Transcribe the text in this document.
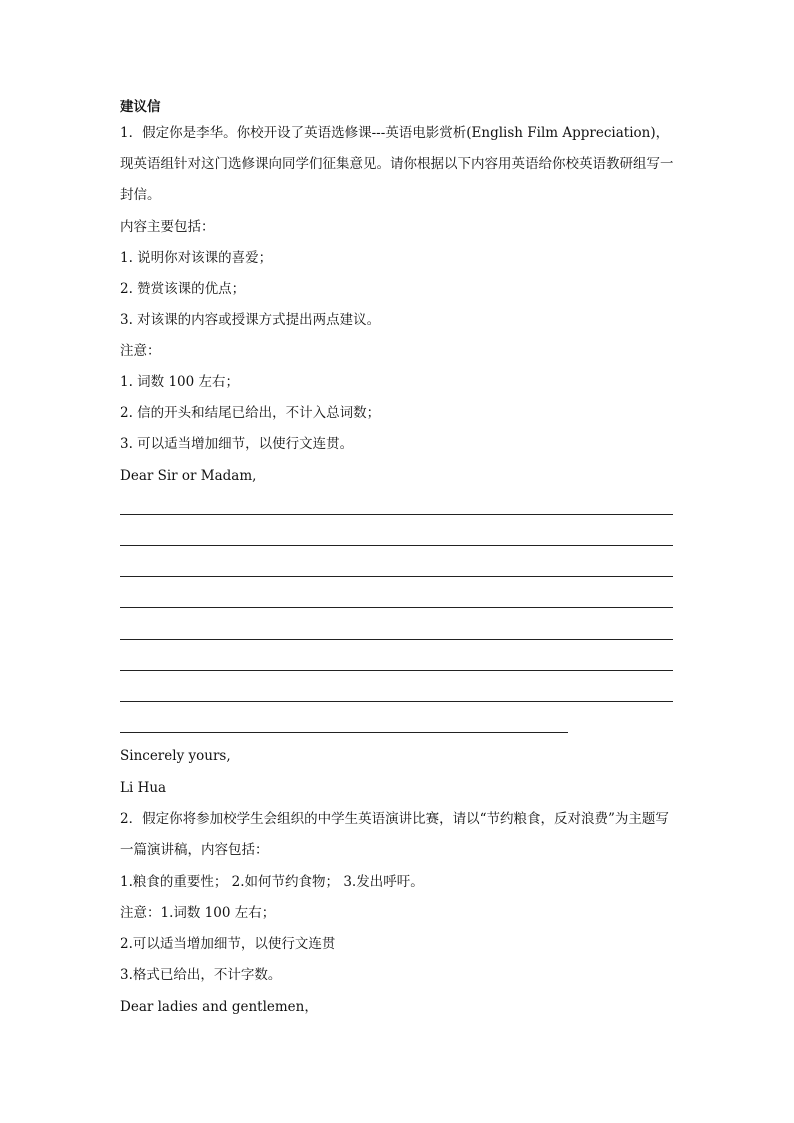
建议信
1．假定你是李华。你校开设了英语选修课---英语电影赏析(English Film Appreciation)，现英语组针对这门选修课向同学们征集意见。请你根据以下内容用英语给你校英语教研组写一封信。
内容主要包括：
1. 说明你对该课的喜爱；
2. 赞赏该课的优点；
3. 对该课的内容或授课方式提出两点建议。
注意：
1. 词数 100 左右；
2. 信的开头和结尾已给出，不计入总词数；
3. 可以适当增加细节，以使行文连贯。
Dear Sir or Madam,
Sincerely yours,
Li Hua
2．假定你将参加校学生会组织的中学生英语演讲比赛，请以“节约粮食，反对浪费”为主题写一篇演讲稿，内容包括：
1.粮食的重要性； 2.如何节约食物； 3.发出呼吁。
注意：1.词数 100 左右；
2.可以适当增加细节，以使行文连贯
3.格式已给出，不计字数。
Dear ladies and gentlemen，
